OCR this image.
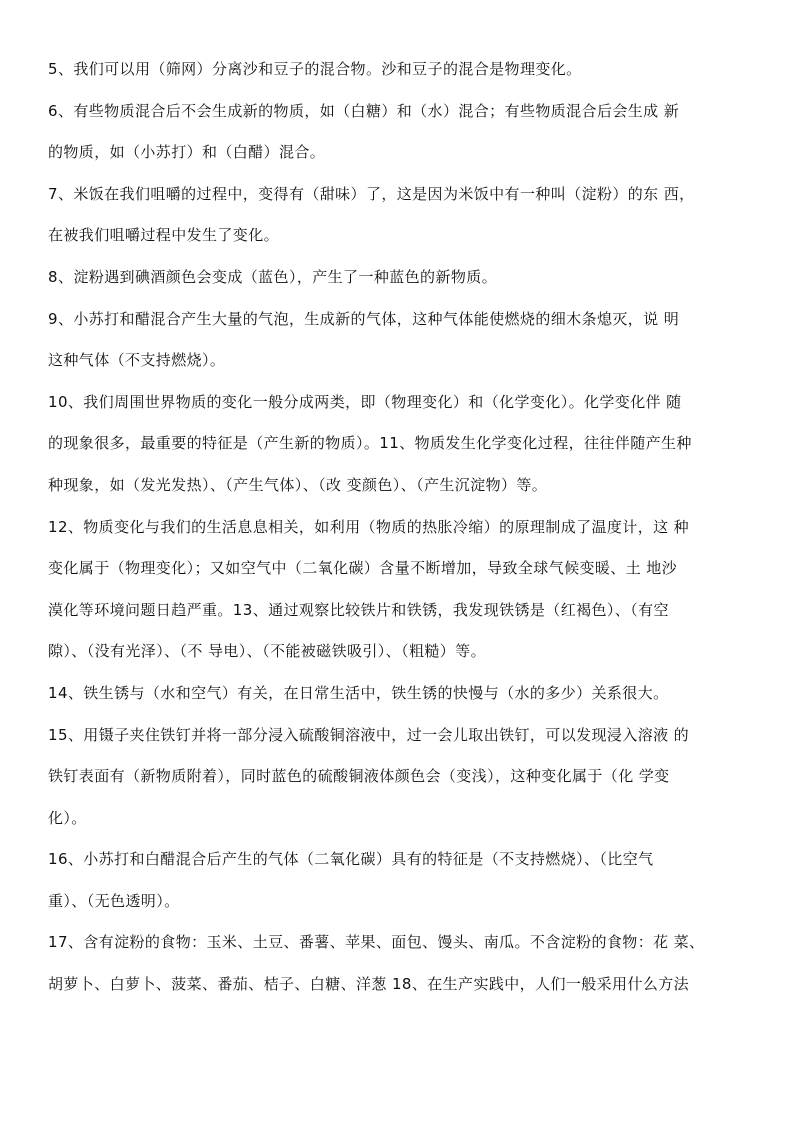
5、我们可以用（筛网）分离沙和豆子的混合物。沙和豆子的混合是物理变化。
6、有些物质混合后不会生成新的物质，如（白糖）和（水）混合；有些物质混合后会生成 新
的物质，如（小苏打）和（白醋）混合。
7、米饭在我们咀嚼的过程中，变得有（甜味）了，这是因为米饭中有一种叫（淀粉）的东 西，
在被我们咀嚼过程中发生了变化。
8、淀粉遇到碘酒颜色会变成（蓝色），产生了一种蓝色的新物质。
9、小苏打和醋混合产生大量的气泡，生成新的气体，这种气体能使燃烧的细木条熄灭，说 明
这种气体（不支持燃烧）。
10、我们周围世界物质的变化一般分成两类，即（物理变化）和（化学变化）。化学变化伴 随
的现象很多，最重要的特征是（产生新的物质）。11、物质发生化学变化过程，往往伴随产生种
种现象，如（发光发热）、（产生气体）、（改 变颜色）、（产生沉淀物）等。
12、物质变化与我们的生活息息相关，如利用（物质的热胀冷缩）的原理制成了温度计，这 种
变化属于（物理变化）；又如空气中（二氧化碳）含量不断增加，导致全球气候变暖、土 地沙
漠化等环境问题日趋严重。13、通过观察比较铁片和铁锈，我发现铁锈是（红褐色）、（有空
隙）、（没有光泽）、（不 导电）、（不能被磁铁吸引）、（粗糙）等。
14、铁生锈与（水和空气）有关，在日常生活中，铁生锈的快慢与（水的多少）关系很大。
15、用镊子夹住铁钉并将一部分浸入硫酸铜溶液中，过一会儿取出铁钉，可以发现浸入溶液 的
铁钉表面有（新物质附着），同时蓝色的硫酸铜液体颜色会（变浅），这种变化属于（化 学变
化）。
16、小苏打和白醋混合后产生的气体（二氧化碳）具有的特征是（不支持燃烧）、（比空气
重）、（无色透明）。
17、含有淀粉的食物：玉米、土豆、番薯、苹果、面包、馒头、南瓜。不含淀粉的食物：花 菜、
胡萝卜、白萝卜、菠菜、番茄、桔子、白糖、洋葱 18、在生产实践中，人们一般采用什么方法
